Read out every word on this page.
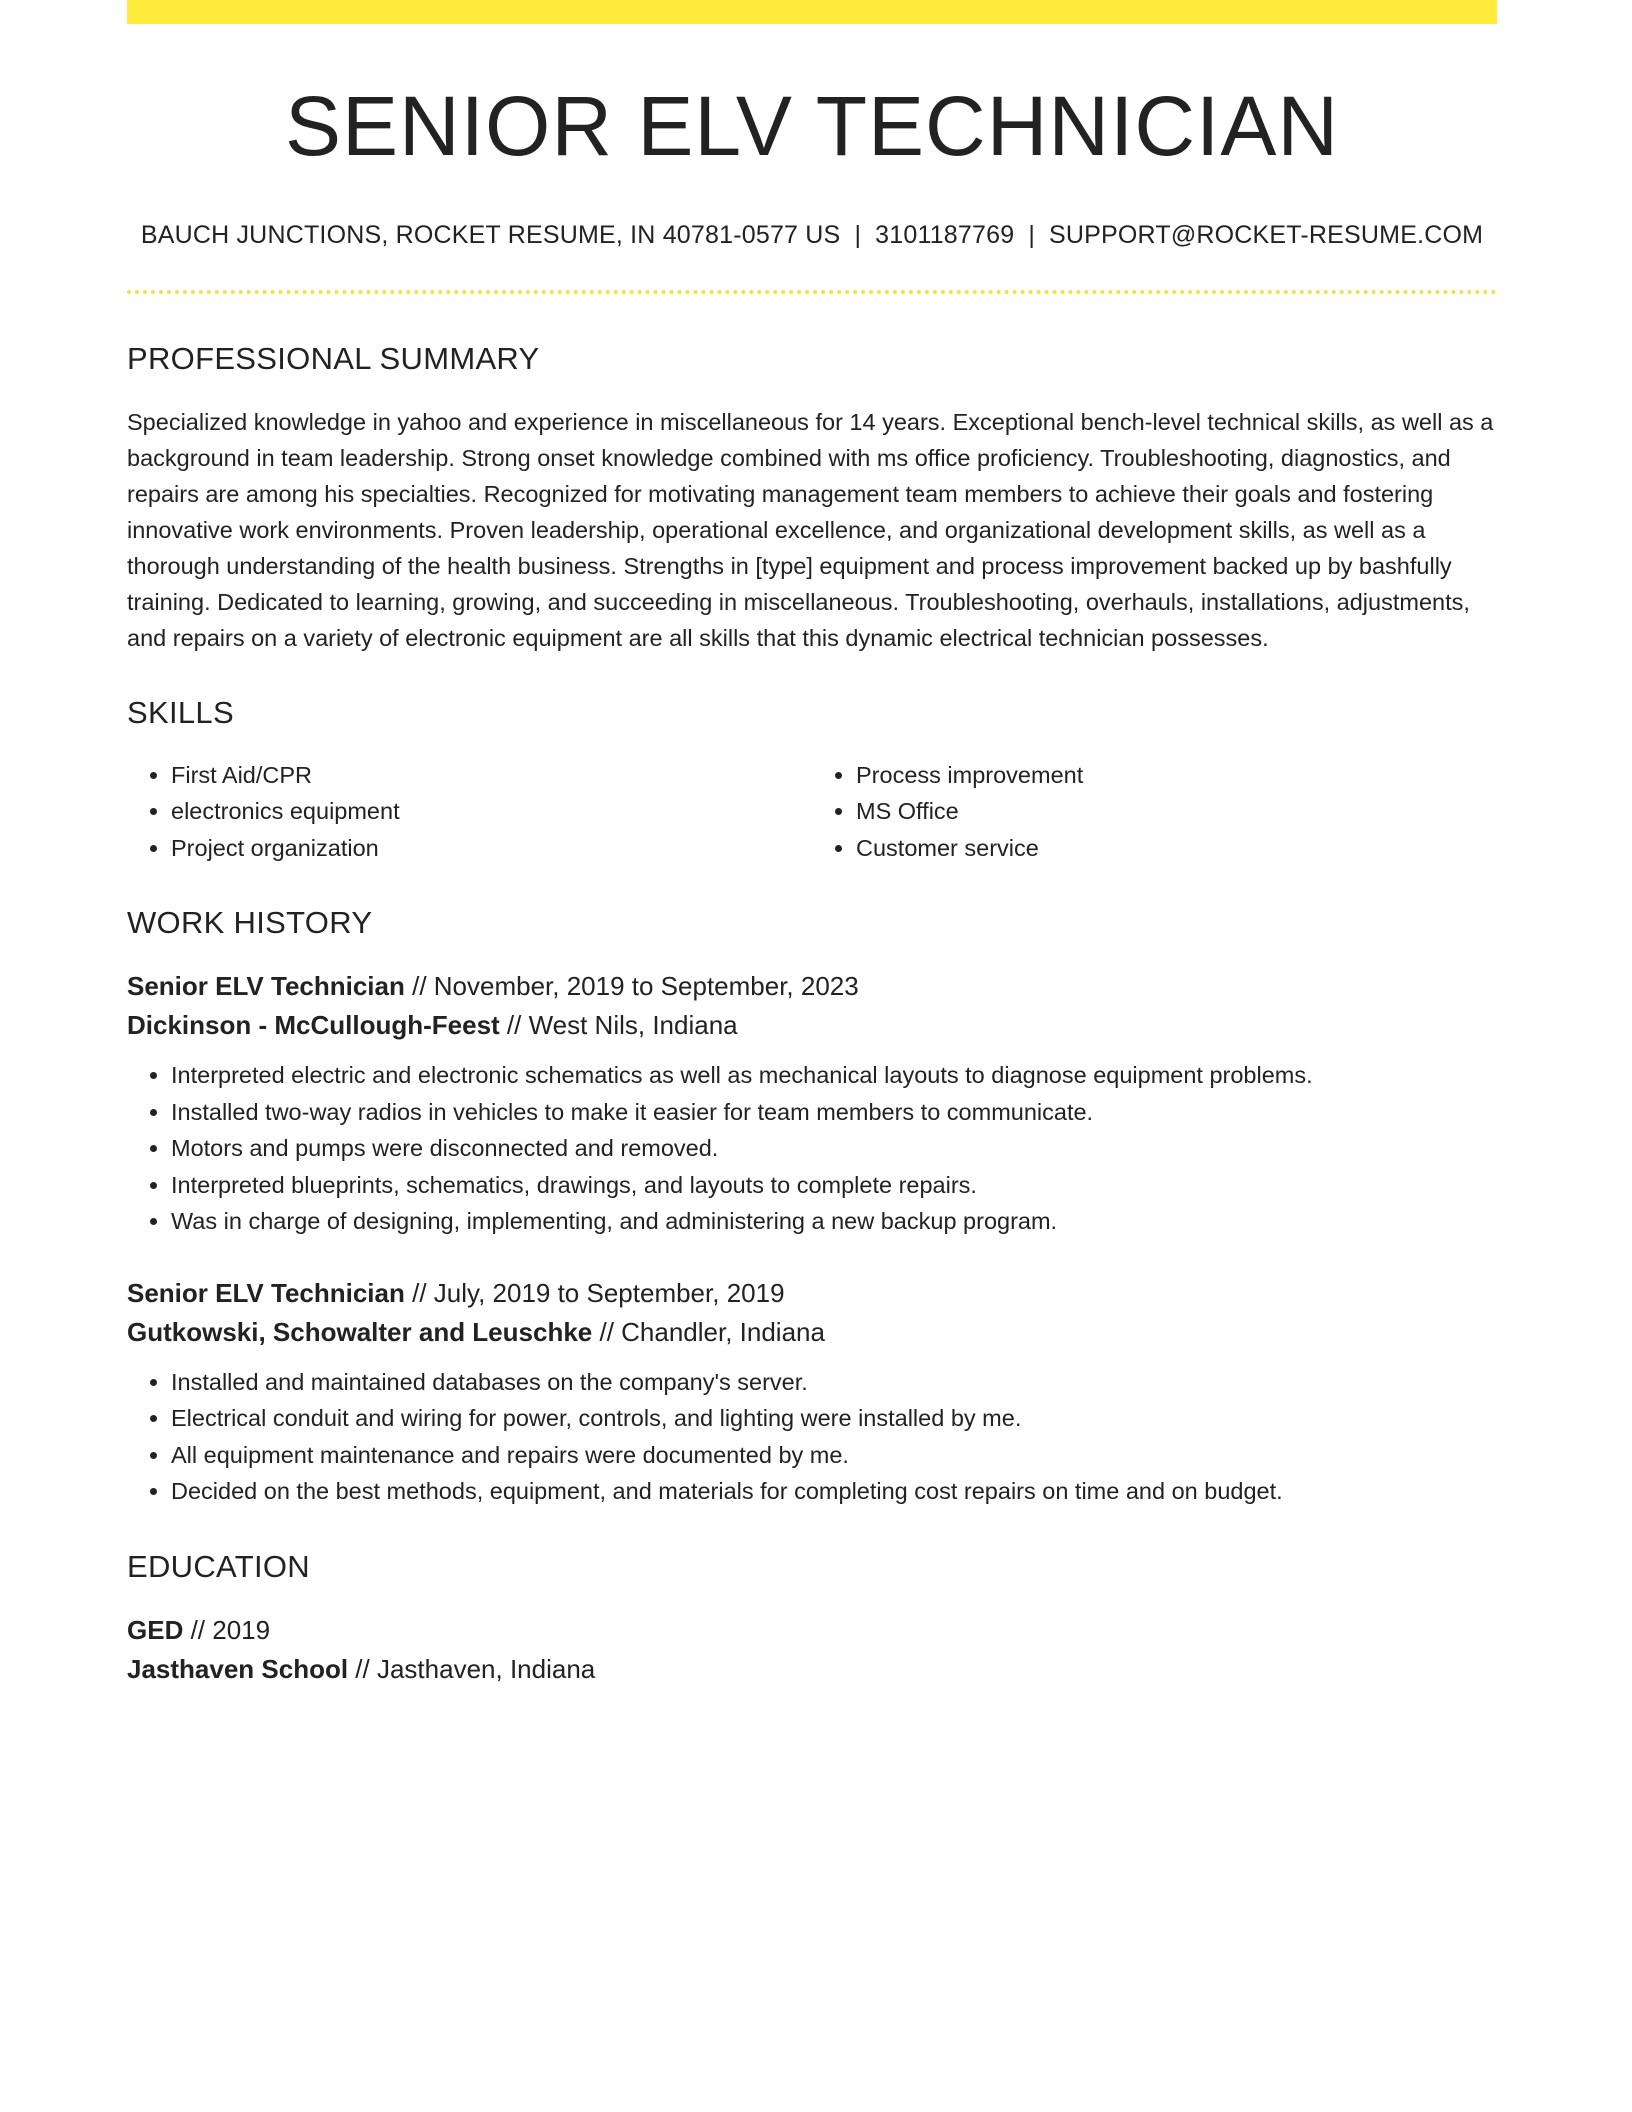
SENIOR ELV TECHNICIAN
BAUCH JUNCTIONS, ROCKET RESUME, IN 40781-0577 US | 3101187769 | SUPPORT@ROCKET-RESUME.COM
PROFESSIONAL SUMMARY

Specialized knowledge in yahoo and experience in miscellaneous for 14 years. Exceptional bench-level technical skills, as well as a background in team leadership. Strong onset knowledge combined with ms office proficiency. Troubleshooting, diagnostics, and repairs are among his specialties. Recognized for motivating management team members to achieve their goals and fostering innovative work environments. Proven leadership, operational excellence, and organizational development skills, as well as a thorough understanding of the health business. Strengths in [type] equipment and process improvement backed up by bashfully training. Dedicated to learning, growing, and succeeding in miscellaneous. Troubleshooting, overhauls, installations, adjustments, and repairs on a variety of electronic equipment are all skills that this dynamic electrical technician possesses.

SKILLS
• First Aid/CPR
• electronics equipment
• Project organization
• Process improvement
• MS Office
• Customer service
WORK HISTORY
Senior ELV Technician // November, 2019 to September, 2023
Dickinson - McCullough-Feest // West Nils, Indiana
• Interpreted electric and electronic schematics as well as mechanical layouts to diagnose equipment problems.
• Installed two-way radios in vehicles to make it easier for team members to communicate.
• Motors and pumps were disconnected and removed.
• Interpreted blueprints, schematics, drawings, and layouts to complete repairs.
• Was in charge of designing, implementing, and administering a new backup program.
Senior ELV Technician // July, 2019 to September, 2019
Gutkowski, Schowalter and Leuschke // Chandler, Indiana
• Installed and maintained databases on the company's server.
• Electrical conduit and wiring for power, controls, and lighting were installed by me.
• All equipment maintenance and repairs were documented by me.
• Decided on the best methods, equipment, and materials for completing cost repairs on time and on budget.
EDUCATION
GED // 2019
Jasthaven School // Jasthaven, Indiana
